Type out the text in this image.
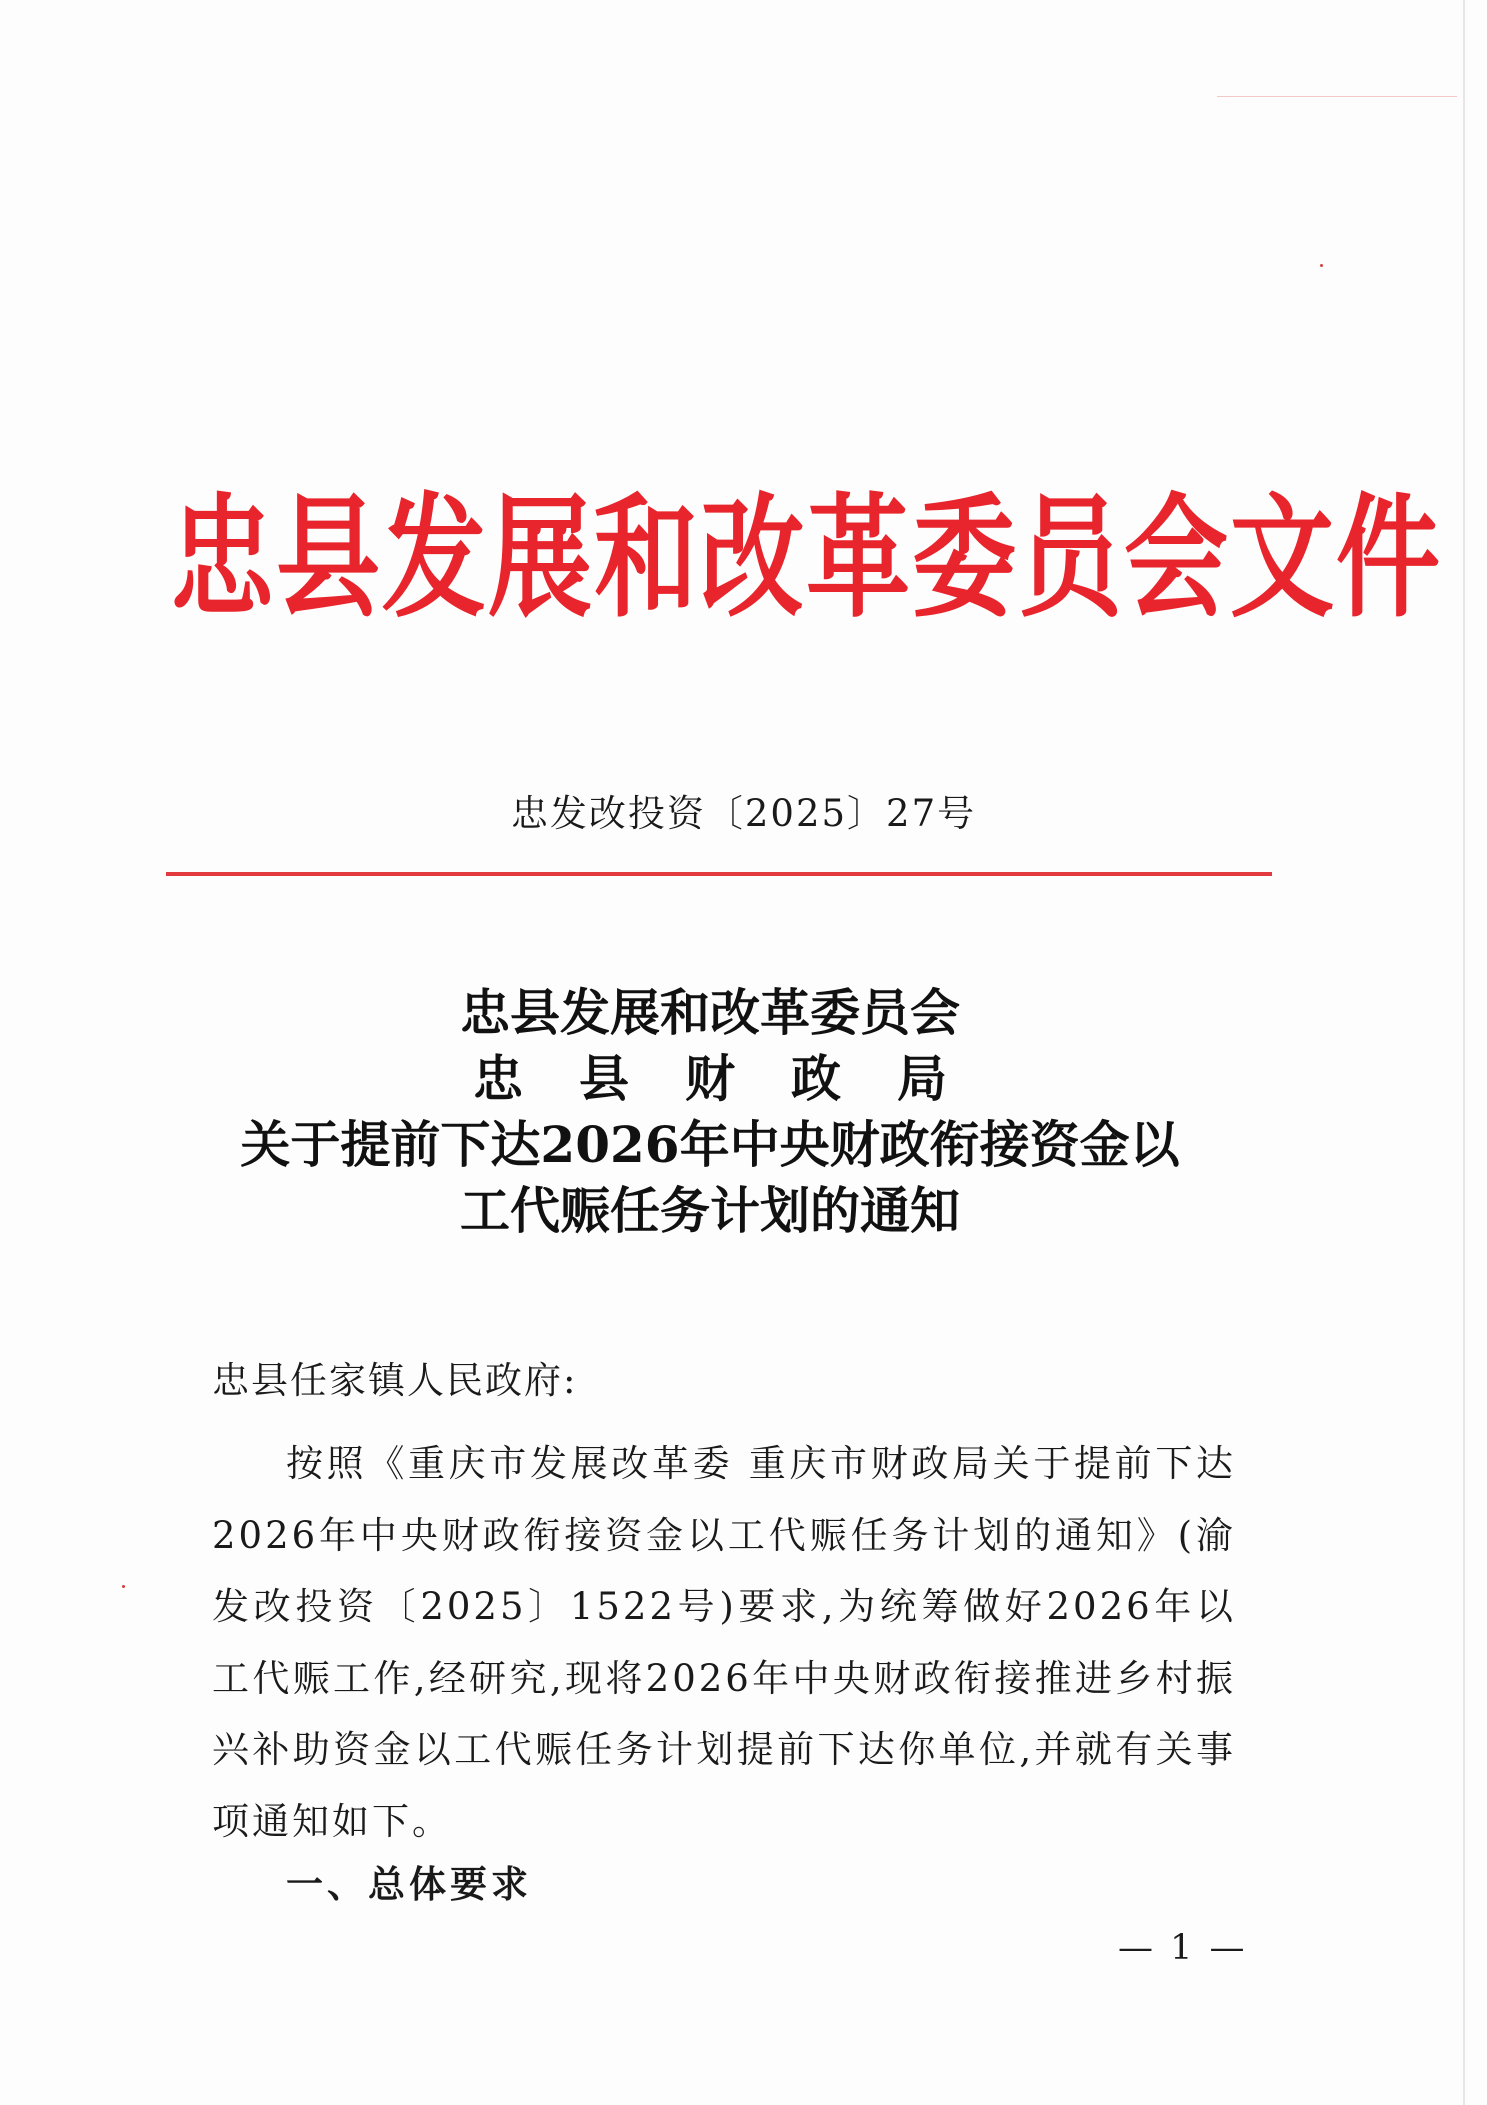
忠县发展和改革委员会文件
忠发改投资〔2025〕27号
忠县发展和改革委员会
忠县财政局
关于提前下达2026年中央财政衔接资金以
工代赈任务计划的通知
忠县任家镇人民政府:

按照《重庆市发展改革委 重庆市财政局关于提前下达2026年中央财政衔接资金以工代赈任务计划的通知》(渝发改投资〔2025〕1522号)要求,为统筹做好2026年以工代赈工作,经研究,现将2026年中央财政衔接推进乡村振兴补助资金以工代赈任务计划提前下达你单位,并就有关事项通知如下。

一、总体要求
— 1 —
